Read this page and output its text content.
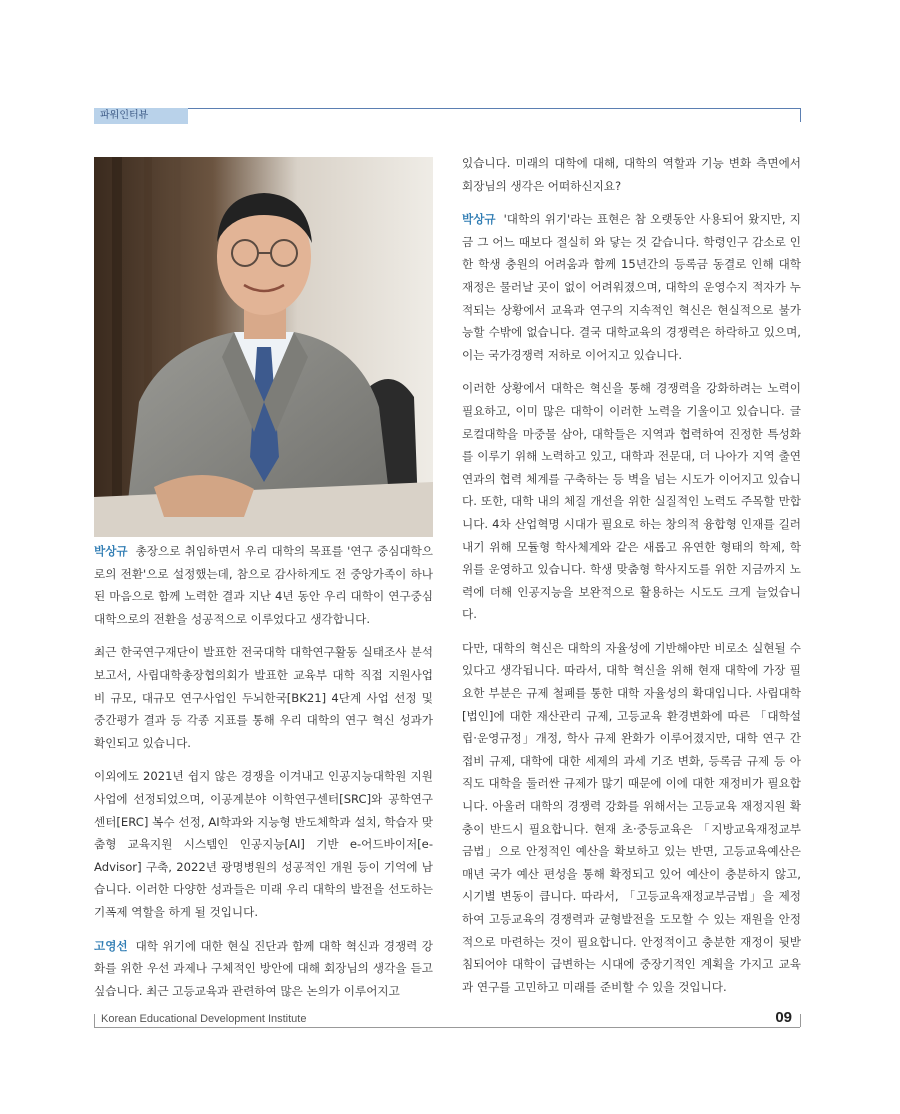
파워인터뷰

박상규 총장으로 취임하면서 우리 대학의 목표를 '연구 중심대학으로의 전환'으로 설정했는데, 참으로 감사하게도 전 중앙가족이 하나 된 마음으로 함께 노력한 결과 지난 4년 동안 우리 대학이 연구중심대학으로의 전환을 성공적으로 이루었다고 생각합니다.

최근 한국연구재단이 발표한 전국대학 대학연구활동 실태조사 분석보고서, 사립대학총장협의회가 발표한 교육부 대학 직접 지원사업비 규모, 대규모 연구사업인 두뇌한국[BK21] 4단계 사업 선정 및 중간평가 결과 등 각종 지표를 통해 우리 대학의 연구 혁신 성과가 확인되고 있습니다.

이외에도 2021년 쉽지 않은 경쟁을 이겨내고 인공지능대학원 지원사업에 선정되었으며, 이공계분야 이학연구센터[SRC]와 공학연구센터[ERC] 복수 선정, AI학과와 지능형 반도체학과 설치, 학습자 맞춤형 교육지원 시스템인 인공지능[AI] 기반 e-어드바이저[e-Advisor] 구축, 2022년 광명병원의 성공적인 개원 등이 기억에 남습니다. 이러한 다양한 성과들은 미래 우리 대학의 발전을 선도하는 기폭제 역할을 하게 될 것입니다.

고영선 대학 위기에 대한 현실 진단과 함께 대학 혁신과 경쟁력 강화를 위한 우선 과제나 구체적인 방안에 대해 회장님의 생각을 듣고 싶습니다. 최근 고등교육과 관련하여 많은 논의가 이루어지고

있습니다. 미래의 대학에 대해, 대학의 역할과 기능 변화 측면에서 회장님의 생각은 어떠하신지요?

박상규 '대학의 위기'라는 표현은 참 오랫동안 사용되어 왔지만, 지금 그 어느 때보다 절실히 와 닿는 것 같습니다. 학령인구 감소로 인한 학생 충원의 어려움과 함께 15년간의 등록금 동결로 인해 대학 재정은 물러날 곳이 없이 어려워졌으며, 대학의 운영수지 적자가 누적되는 상황에서 교육과 연구의 지속적인 혁신은 현실적으로 불가능할 수밖에 없습니다. 결국 대학교육의 경쟁력은 하락하고 있으며, 이는 국가경쟁력 저하로 이어지고 있습니다.

이러한 상황에서 대학은 혁신을 통해 경쟁력을 강화하려는 노력이 필요하고, 이미 많은 대학이 이러한 노력을 기울이고 있습니다. 글로컬대학을 마중물 삼아, 대학들은 지역과 협력하여 진정한 특성화를 이루기 위해 노력하고 있고, 대학과 전문대, 더 나아가 지역 출연연과의 협력 체계를 구축하는 등 벽을 넘는 시도가 이어지고 있습니다. 또한, 대학 내의 체질 개선을 위한 실질적인 노력도 주목할 만합니다. 4차 산업혁명 시대가 필요로 하는 창의적 융합형 인재를 길러내기 위해 모듈형 학사체계와 같은 새롭고 유연한 형태의 학제, 학위를 운영하고 있습니다. 학생 맞춤형 학사지도를 위한 지금까지 노력에 더해 인공지능을 보완적으로 활용하는 시도도 크게 늘었습니다.

다만, 대학의 혁신은 대학의 자율성에 기반해야만 비로소 실현될 수 있다고 생각됩니다. 따라서, 대학 혁신을 위해 현재 대학에 가장 필요한 부분은 규제 철폐를 통한 대학 자율성의 확대입니다. 사립대학[법인]에 대한 재산관리 규제, 고등교육 환경변화에 따른 「대학설립·운영규정」개정, 학사 규제 완화가 이루어졌지만, 대학 연구 간접비 규제, 대학에 대한 세제의 과세 기조 변화, 등록금 규제 등 아직도 대학을 둘러싼 규제가 많기 때문에 이에 대한 재정비가 필요합니다. 아울러 대학의 경쟁력 강화를 위해서는 고등교육 재정지원 확충이 반드시 필요합니다. 현재 초·중등교육은 「지방교육재정교부금법」으로 안정적인 예산을 확보하고 있는 반면, 고등교육예산은 매년 국가 예산 편성을 통해 확정되고 있어 예산이 충분하지 않고, 시기별 변동이 큽니다. 따라서, 「고등교육재정교부금법」을 제정하여 고등교육의 경쟁력과 균형발전을 도모할 수 있는 재원을 안정적으로 마련하는 것이 필요합니다. 안정적이고 충분한 재정이 뒷받침되어야 대학이 급변하는 시대에 중장기적인 계획을 가지고 교육과 연구를 고민하고 미래를 준비할 수 있을 것입니다.

Korean Educational Development Institute	09
